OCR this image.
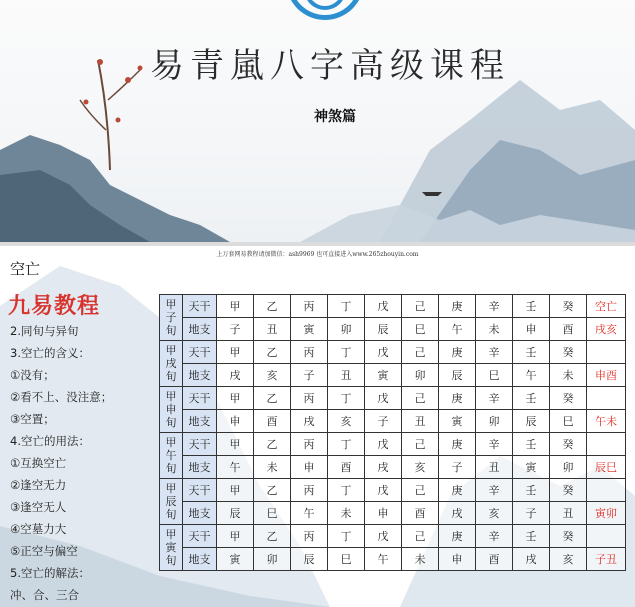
易青嵐八字高级课程
神煞篇
上万套网易教程请加微信：ash9969 也可直接进入www.265zhouyin.com
空亡
九易教程
2.同旬与异旬
3.空亡的含义：
①没有；
②看不上、没注意；
③空置；
4.空亡的用法：
①互换空亡
②逢空无力
③逢空无人
④空墓力大
⑤正空与偏空
5.空亡的解法：
冲、合、三合
甲子旬	天干	甲	乙	丙	丁	戊	己	庚	辛	壬	癸	空亡
	地支	子	丑	寅	卯	辰	巳	午	未	申	酉	戌亥
甲戌旬	天干	甲	乙	丙	丁	戊	己	庚	辛	壬	癸	
	地支	戌	亥	子	丑	寅	卯	辰	巳	午	未	申酉
甲申旬	天干	甲	乙	丙	丁	戊	己	庚	辛	壬	癸	
	地支	申	酉	戌	亥	子	丑	寅	卯	辰	巳	午未
甲午旬	天干	甲	乙	丙	丁	戊	己	庚	辛	壬	癸	
	地支	午	未	申	酉	戌	亥	子	丑	寅	卯	辰巳
甲辰旬	天干	甲	乙	丙	丁	戊	己	庚	辛	壬	癸	
	地支	辰	巳	午	未	申	酉	戌	亥	子	丑	寅卯
甲寅旬	天干	甲	乙	丙	丁	戊	己	庚	辛	壬	癸	
	地支	寅	卯	辰	巳	午	未	申	酉	戌	亥	子丑
